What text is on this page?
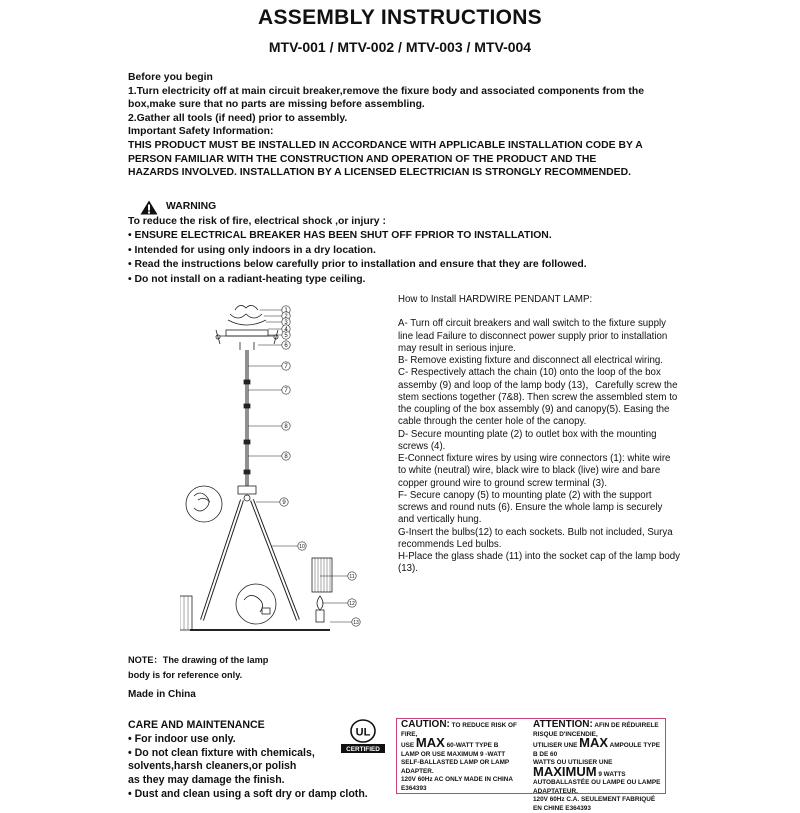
ASSEMBLY INSTRUCTIONS
MTV-001 / MTV-002 / MTV-003 / MTV-004
Before you begin
1.Turn electricity off at main circuit breaker,remove the fixure body and associated components from the
box,make sure that no parts are missing before assembling.
2.Gather all tools (if need) prior to assembly.
Important Safety Information:
THIS PRODUCT MUST BE INSTALLED IN ACCORDANCE WITH APPLICABLE INSTALLATION CODE BY A
PERSON FAMILIAR WITH THE CONSTRUCTION AND OPERATION OF THE PRODUCT AND THE
HAZARDS INVOLVED. INSTALLATION BY A LICENSED ELECTRICIAN IS STRONGLY RECOMMENDED.
WARNING
To reduce the risk of fire, electrical shock ,or injury :
• ENSURE ELECTRICAL BREAKER HAS BEEN SHUT OFF FPRIOR TO INSTALLATION.
• Intended for using only indoors in a dry location.
• Read the instructions below carefully prior to installation and ensure that they are followed.
• Do not install on a radiant-heating type ceiling.
1
2
3
4
5
6
7
7
8
8
9
10
11
12
13

How to Install HARDWIRE PENDANT LAMP:

A- Turn off circuit breakers and wall switch to the fixture supply line lead Failure to disconnect power supply prior to installation may result in serious injure.

B- Remove existing fixture and disconnect all electrical wiring.

C- Respectively attach the chain (10) onto the loop of the box assemby (9) and loop of the lamp body (13)，Carefully screw the stem sections together (7&8). Then screw the assembled stem to the coupling of the box assembly (9) and canopy(5). Easing the cable through the center hole of the canopy.

D- Secure mounting plate (2) to outlet box with the mounting screws (4).

E-Connect fixture wires by using wire connectors (1): white wire to white (neutral) wire, black wire to black (live) wire and bare copper ground wire to ground screw terminal (3).

F- Secure canopy (5) to mounting plate (2) with the support screws and round nuts (6). Ensure the whole lamp is securely and vertically hung.

G-Insert the bulbs(12) to each sockets. Bulb not included, Surya recommends Led bulbs.

H-Place the glass shade (11) into the socket cap of the lamp body (13).

NOTE：The drawing of the lamp
body is for reference only.
Made in China
CARE AND MAINTENANCE
• For indoor use only.
• Do not clean fixture with chemicals,
solvents,harsh cleaners,or polish
as they may damage the finish.
• Dust and clean using a soft dry or damp cloth.
UL
CERTIFIED
CAUTION: TO REDUCE RISK OF FIRE,
USE MAX 60-WATT TYPE B
LAMP OR USE MAXIMUM 9 -WATT
SELF-BALLASTED LAMP OR LAMP ADAPTER.
120V 60Hz AC ONLY MADE IN CHINA E364393
ATTENTION: AFIN DE RÉDUIRELE RISQUE D'INCENDIE,
UTILISER UNE MAX AMPOULE TYPE B DE 60
WATTS OU UTILISER UNE MAXIMUM 9 WATTS
AUTOBALLASTÉE OU LAMPE OU LAMPE ADAPTATEUR.
120V 60Hz C.A. SEULEMENT FABRIQUÉ EN CHINE E364393
